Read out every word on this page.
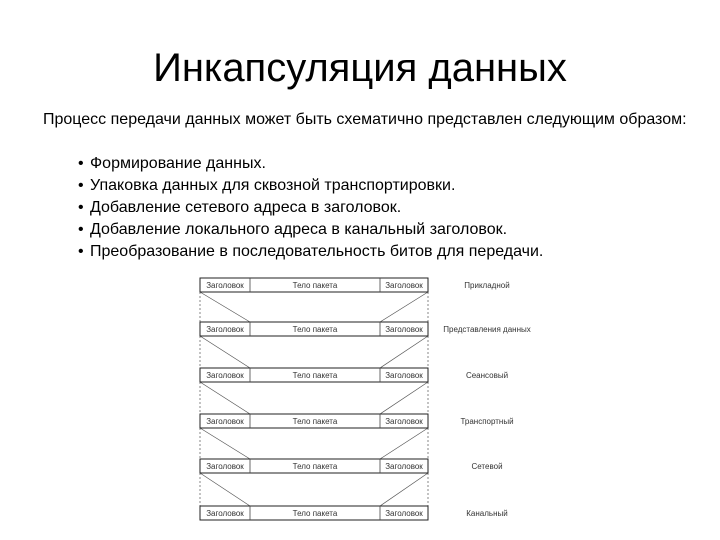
Инкапсуляция данных
Процесс передачи данных может быть схематично представлен следующим образом:
• Формирование данных.
• Упаковка данных для сквозной транспортировки.
• Добавление сетевого адреса в заголовок.
• Добавление локального адреса в канальный заголовок.
• Преобразование в последовательность битов для передачи.
Заголовок	Тело пакета	Заголовок	Прикладной
Заголовок	Тело пакета	Заголовок	Представления данных
Заголовок	Тело пакета	Заголовок	Сеансовый
Заголовок	Тело пакета	Заголовок	Транспортный
Заголовок	Тело пакета	Заголовок	Сетевой
Заголовок	Тело пакета	Заголовок	Канальный
